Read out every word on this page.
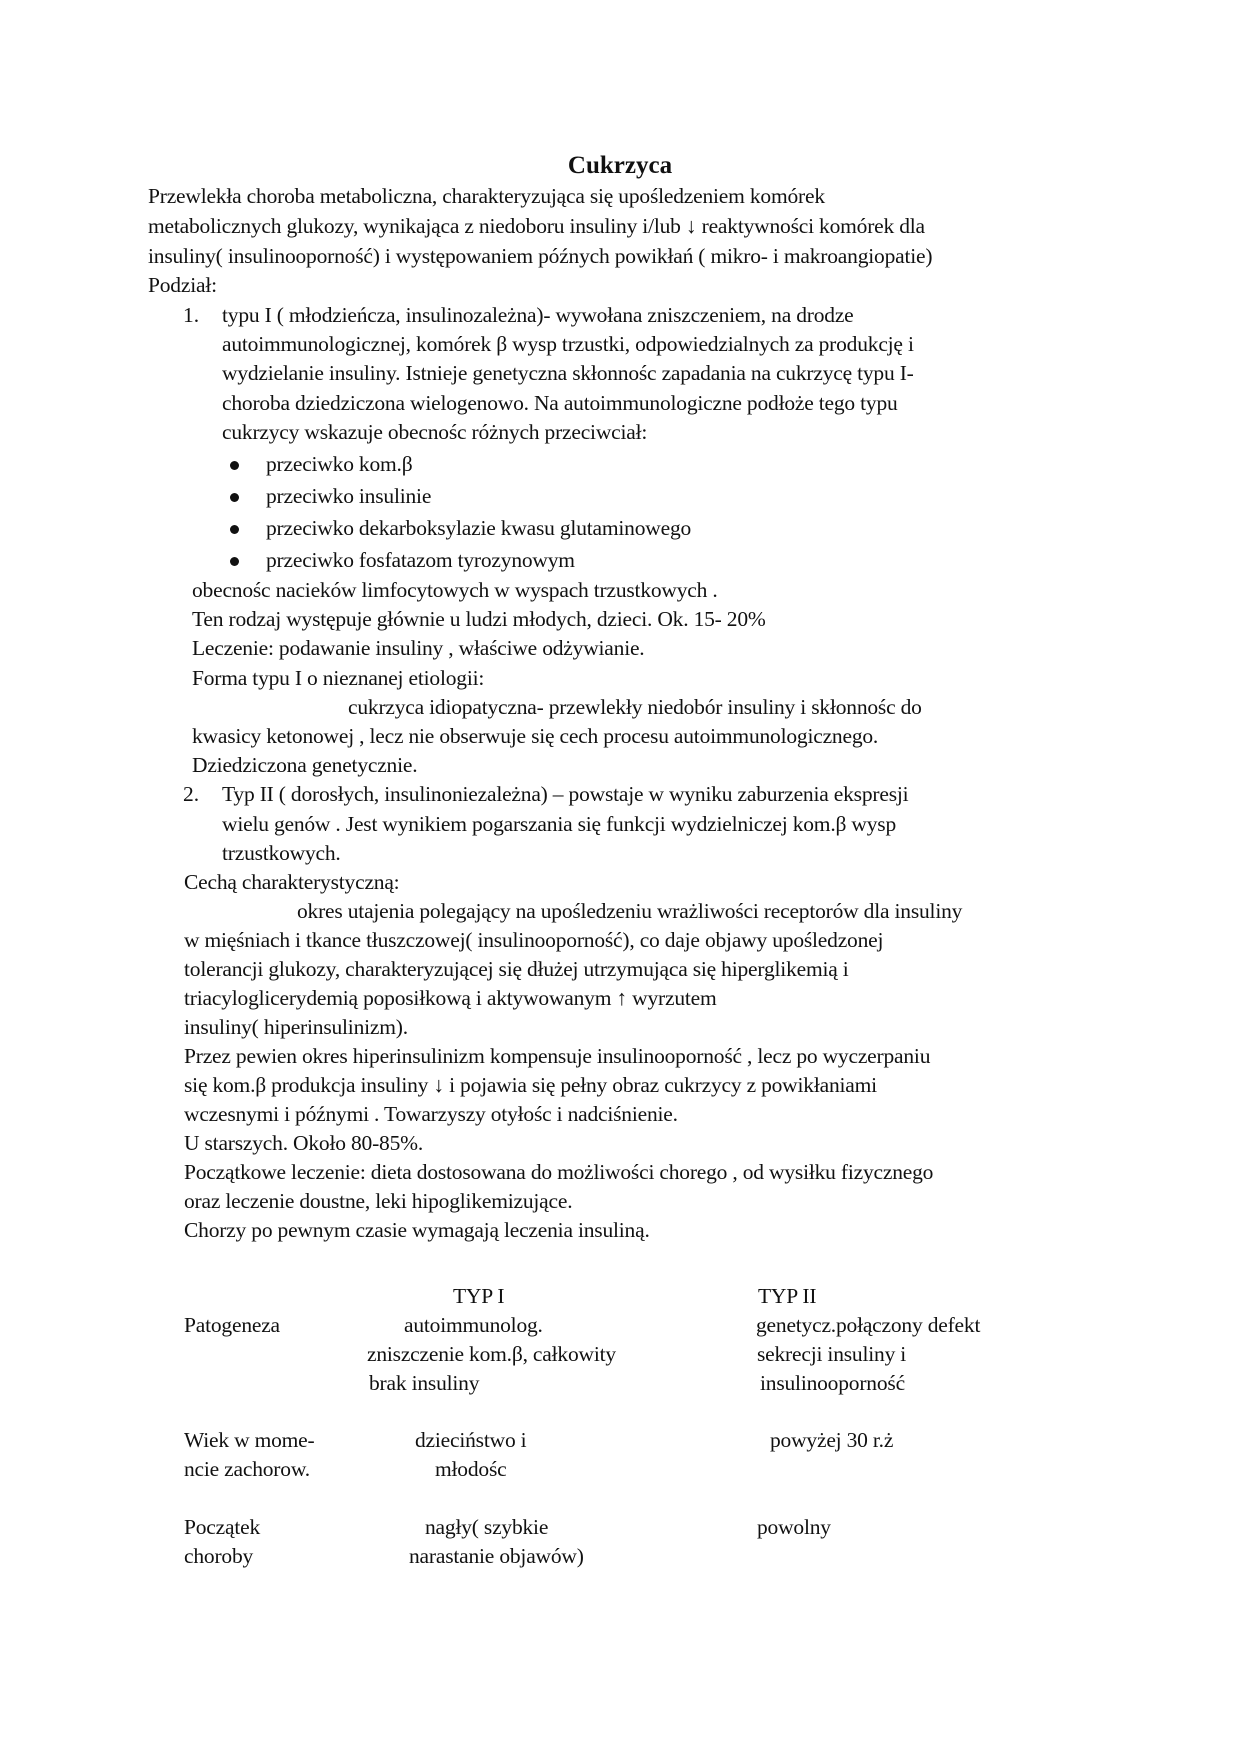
Cukrzyca
Przewlekła choroba metaboliczna, charakteryzująca się upośledzeniem komórek
metabolicznych glukozy, wynikająca z niedoboru insuliny i/lub ↓ reaktywności komórek dla
insuliny( insulinooporność) i występowaniem późnych powikłań ( mikro- i makroangiopatie)
Podział:
1. typu I ( młodzieńcza, insulinozależna)- wywołana zniszczeniem, na drodze
autoimmunologicznej, komórek β wysp trzustki, odpowiedzialnych za produkcję i
wydzielanie insuliny. Istnieje genetyczna skłonnośc zapadania na cukrzycę typu I-
choroba dziedziczona wielogenowo. Na autoimmunologiczne podłoże tego typu
cukrzycy wskazuje obecnośc różnych przeciwciał:
przeciwko kom.β
przeciwko insulinie
przeciwko dekarboksylazie kwasu glutaminowego
przeciwko fosfatazom tyrozynowym
obecnośc nacieków limfocytowych w wyspach trzustkowych .
Ten rodzaj występuje głównie u ludzi młodych, dzieci. Ok. 15- 20%
Leczenie: podawanie insuliny , właściwe odżywianie.
Forma typu I o nieznanej etiologii:
cukrzyca idiopatyczna- przewlekły niedobór insuliny i skłonnośc do
kwasicy ketonowej , lecz nie obserwuje się cech procesu autoimmunologicznego.
Dziedziczona genetycznie.
2. Typ II ( dorosłych, insulinoniezależna) – powstaje w wyniku zaburzenia ekspresji
wielu genów . Jest wynikiem pogarszania się funkcji wydzielniczej kom.β wysp
trzustkowych.
Cechą charakterystyczną:
okres utajenia polegający na upośledzeniu wrażliwości receptorów dla insuliny
w mięśniach i tkance tłuszczowej( insulinooporność), co daje objawy upośledzonej
tolerancji glukozy, charakteryzującej się dłużej utrzymująca się hiperglikemią i
triacyloglicerydemią poposiłkową i aktywowanym ↑ wyrzutem
insuliny( hiperinsulinizm).
Przez pewien okres hiperinsulinizm kompensuje insulinooporność , lecz po wyczerpaniu
się kom.β produkcja insuliny ↓ i pojawia się pełny obraz cukrzycy z powikłaniami
wczesnymi i późnymi . Towarzyszy otyłośc i nadciśnienie.
U starszych. Około 80-85%.
Początkowe leczenie: dieta dostosowana do możliwości chorego , od wysiłku fizycznego
oraz leczenie doustne, leki hipoglikemizujące.
Chorzy po pewnym czasie wymagają leczenia insuliną.
TYP I	TYP II
Patogeneza	autoimmunolog.
zniszczenie kom.β, całkowity
brak insuliny
genetycz.połączony defekt
sekrecji insuliny i
insulinooporność
Wiek w mome-
ncie zachorow.
dzieciństwo i
młodośc
powyżej 30 r.ż
Początek
choroby
nagły( szybkie
narastanie objawów)
powolny
